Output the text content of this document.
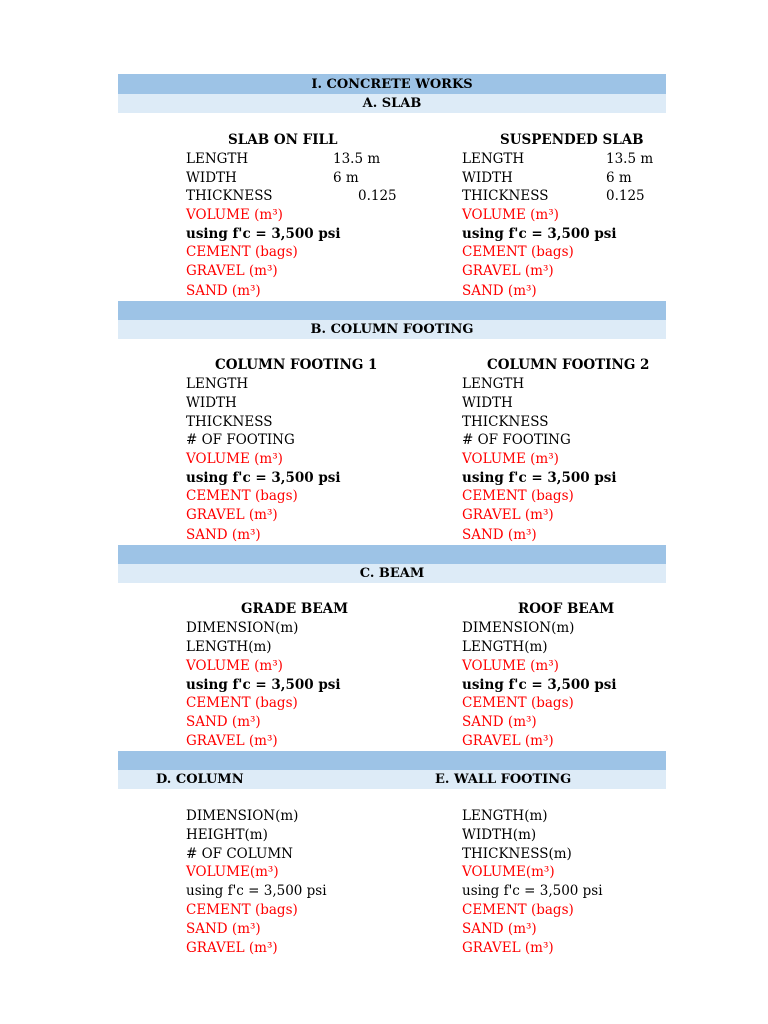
I. CONCRETE WORKS
A. SLAB
SLAB ON FILL
LENGTH	13.5 m
WIDTH	6 m
THICKNESS	0.125
VOLUME (m³)
using f'c = 3,500 psi
CEMENT (bags)
GRAVEL (m³)
SAND (m³)
SUSPENDED SLAB
LENGTH	13.5 m
WIDTH	6 m
THICKNESS	0.125
VOLUME (m³)
using f'c = 3,500 psi
CEMENT (bags)
GRAVEL (m³)
SAND (m³)
B. COLUMN FOOTING
COLUMN FOOTING 1
LENGTH
WIDTH
THICKNESS
# OF FOOTING
VOLUME (m³)
using f'c = 3,500 psi
CEMENT (bags)
GRAVEL (m³)
SAND (m³)
COLUMN FOOTING 2
LENGTH
WIDTH
THICKNESS
# OF FOOTING
VOLUME (m³)
using f'c = 3,500 psi
CEMENT (bags)
GRAVEL (m³)
SAND (m³)
C. BEAM
GRADE BEAM
DIMENSION(m)
LENGTH(m)
VOLUME (m³)
using f'c = 3,500 psi
CEMENT (bags)
SAND (m³)
GRAVEL (m³)
ROOF BEAM
DIMENSION(m)
LENGTH(m)
VOLUME (m³)
using f'c = 3,500 psi
CEMENT (bags)
SAND (m³)
GRAVEL (m³)
D. COLUMN	E. WALL FOOTING
DIMENSION(m)
HEIGHT(m)
# OF COLUMN
VOLUME(m³)
using f'c = 3,500 psi
CEMENT (bags)
SAND (m³)
GRAVEL (m³)
LENGTH(m)
WIDTH(m)
THICKNESS(m)
VOLUME(m³)
using f'c = 3,500 psi
CEMENT (bags)
SAND (m³)
GRAVEL (m³)
